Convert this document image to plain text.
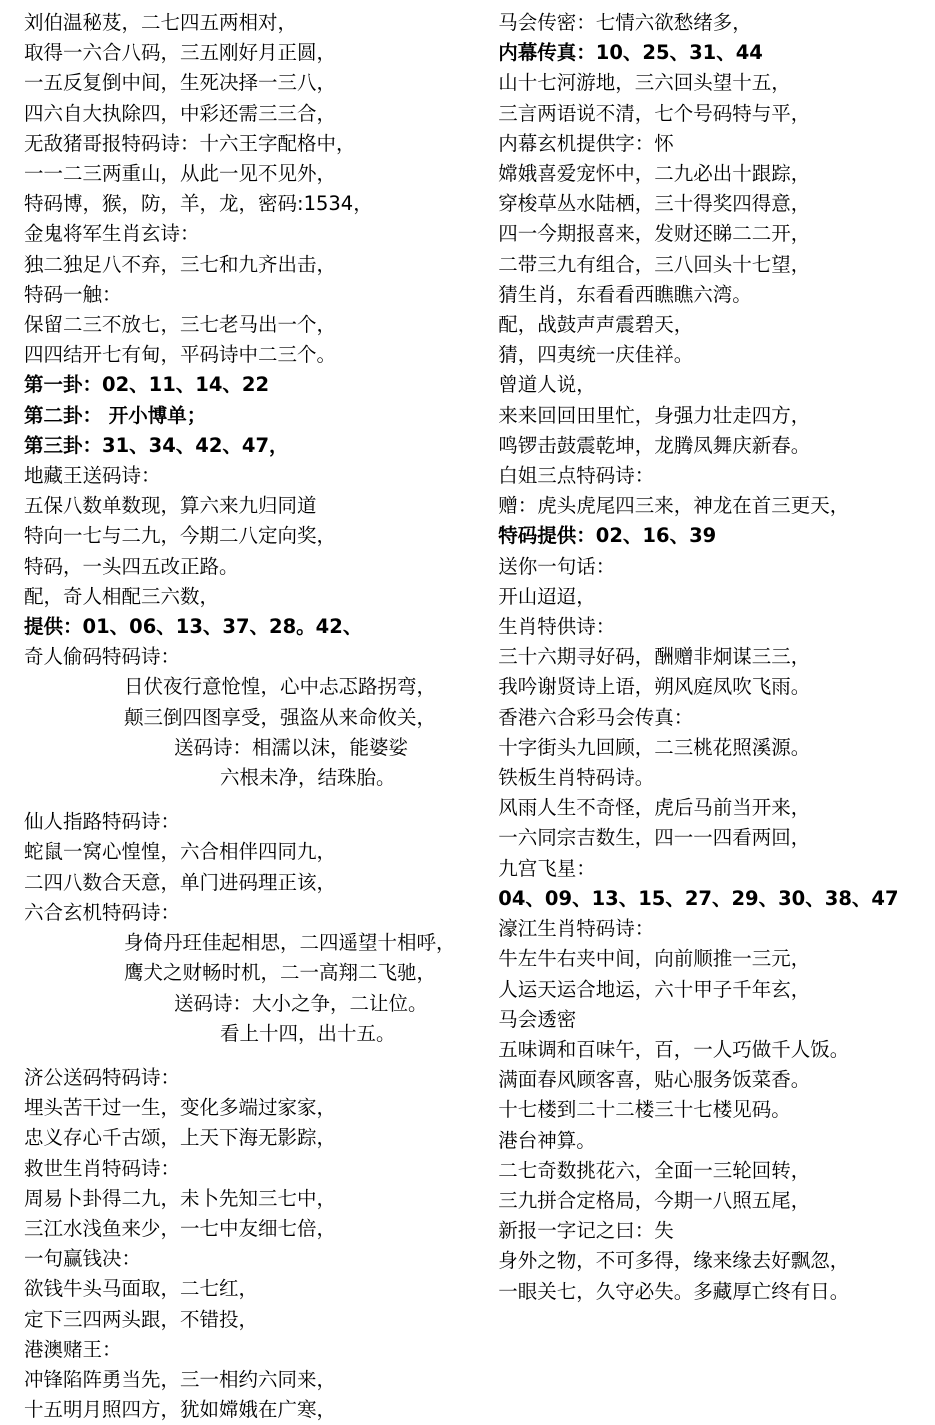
刘伯温秘芨，二七四五两相对，
取得一六合八码，三五刚好月正圆，
一五反复倒中间，生死决择一三八，
四六自大执除四，中彩还需三三合，
无敌猪哥报特码诗：十六王字配格中，
一一二三两重山，从此一见不见外，
特码博，猴，防，羊，龙，密码:1534，
金鬼将军生肖玄诗：
独二独足八不弃，三七和九齐出击，
特码一触：
保留二三不放七，三七老马出一个，
四四结开七有甸，平码诗中二三个。
第一卦：02、11、14、22
第二卦： 开小博单；
第三卦：31、34、42、47，
地藏王送码诗：
五保八数单数现，算六来九归同道
特向一七与二九，今期二八定向奖，
特码，一头四五改正路。
配，奇人相配三六数，
提供：01、06、13、37、28。42、
奇人偷码特码诗：
日伏夜行意怆惶，心中忐忑路拐弯，
颠三倒四图享受，强盗从来命攸关，
送码诗：相濡以沫，能婆娑
六根未净，结珠胎。
仙人指路特码诗：
蛇鼠一窝心惶惶，六合相伴四同九，
二四八数合天意，单门进码理正该，
六合玄机特码诗：
身倚丹玨佳起相思，二四遥望十相呼，
鹰犬之财畅时机，二一高翔二飞驰，
送码诗：大小之争，二让位。
看上十四，出十五。
济公送码特码诗：
埋头苦干过一生，变化多端过家家，
忠义存心千古颂，上天下海无影踪，
救世生肖特码诗：
周易卜卦得二九，未卜先知三七中，
三江水浅鱼来少，一七中友细七倍，
一句赢钱决：
欲钱牛头马面取，二七红，
定下三四两头跟，不错投，
港澳赌王：
冲锋陷阵勇当先，三一相约六同来，
十五明月照四方，犹如嫦娥在广寒，
马会传密：七情六欲愁绪多，
内幕传真：10、25、31、44
山十七河游地，三六回头望十五，
三言两语说不清，七个号码特与平，
内幕玄机提供字：怀
嫦娥喜爱宠怀中，二九必出十跟踪，
穿梭草丛水陆栖，三十得奖四得意，
四一今期报喜来，发财还睇二二开，
二带三九有组合，三八回头十七望，
猜生肖，东看看西瞧瞧六湾。
配，战鼓声声震碧天，
猜，四夷统一庆佳祥。
曾道人说，
来来回回田里忙，身强力壮走四方，
鸣锣击鼓震乾坤，龙腾凤舞庆新春。
白姐三点特码诗：
赠：虎头虎尾四三来，神龙在首三更天，
特码提供：02、16、39
送你一句话：
开山迢迢，
生肖特供诗：
三十六期寻好码，酬赠非炯谋三三，
我吟谢贤诗上语，朔风庭凤吹飞雨。
香港六合彩马会传真：
十字街头九回顾，二三桃花照溪源。
铁板生肖特码诗。
风雨人生不奇怪，虎后马前当开来，
一六同宗吉数生，四一一四看两回，
九宫飞星：
04、09、13、15、27、29、30、38、47
濠江生肖特码诗：
牛左牛右夹中间，向前顺推一三元，
人运天运合地运，六十甲子千年玄，
马会透密
五味调和百味午，百，一人巧做千人饭。
满面春风顾客喜，贴心服务饭菜香。
十七楼到二十二楼三十七楼见码。
港台神算。
二七奇数挑花六，全面一三轮回转，
三九拼合定格局，今期一八照五尾，
新报一字记之曰：失
身外之物，不可多得，缘来缘去好飘忽，
一眼关七，久守必失。多藏厚亡终有日。
